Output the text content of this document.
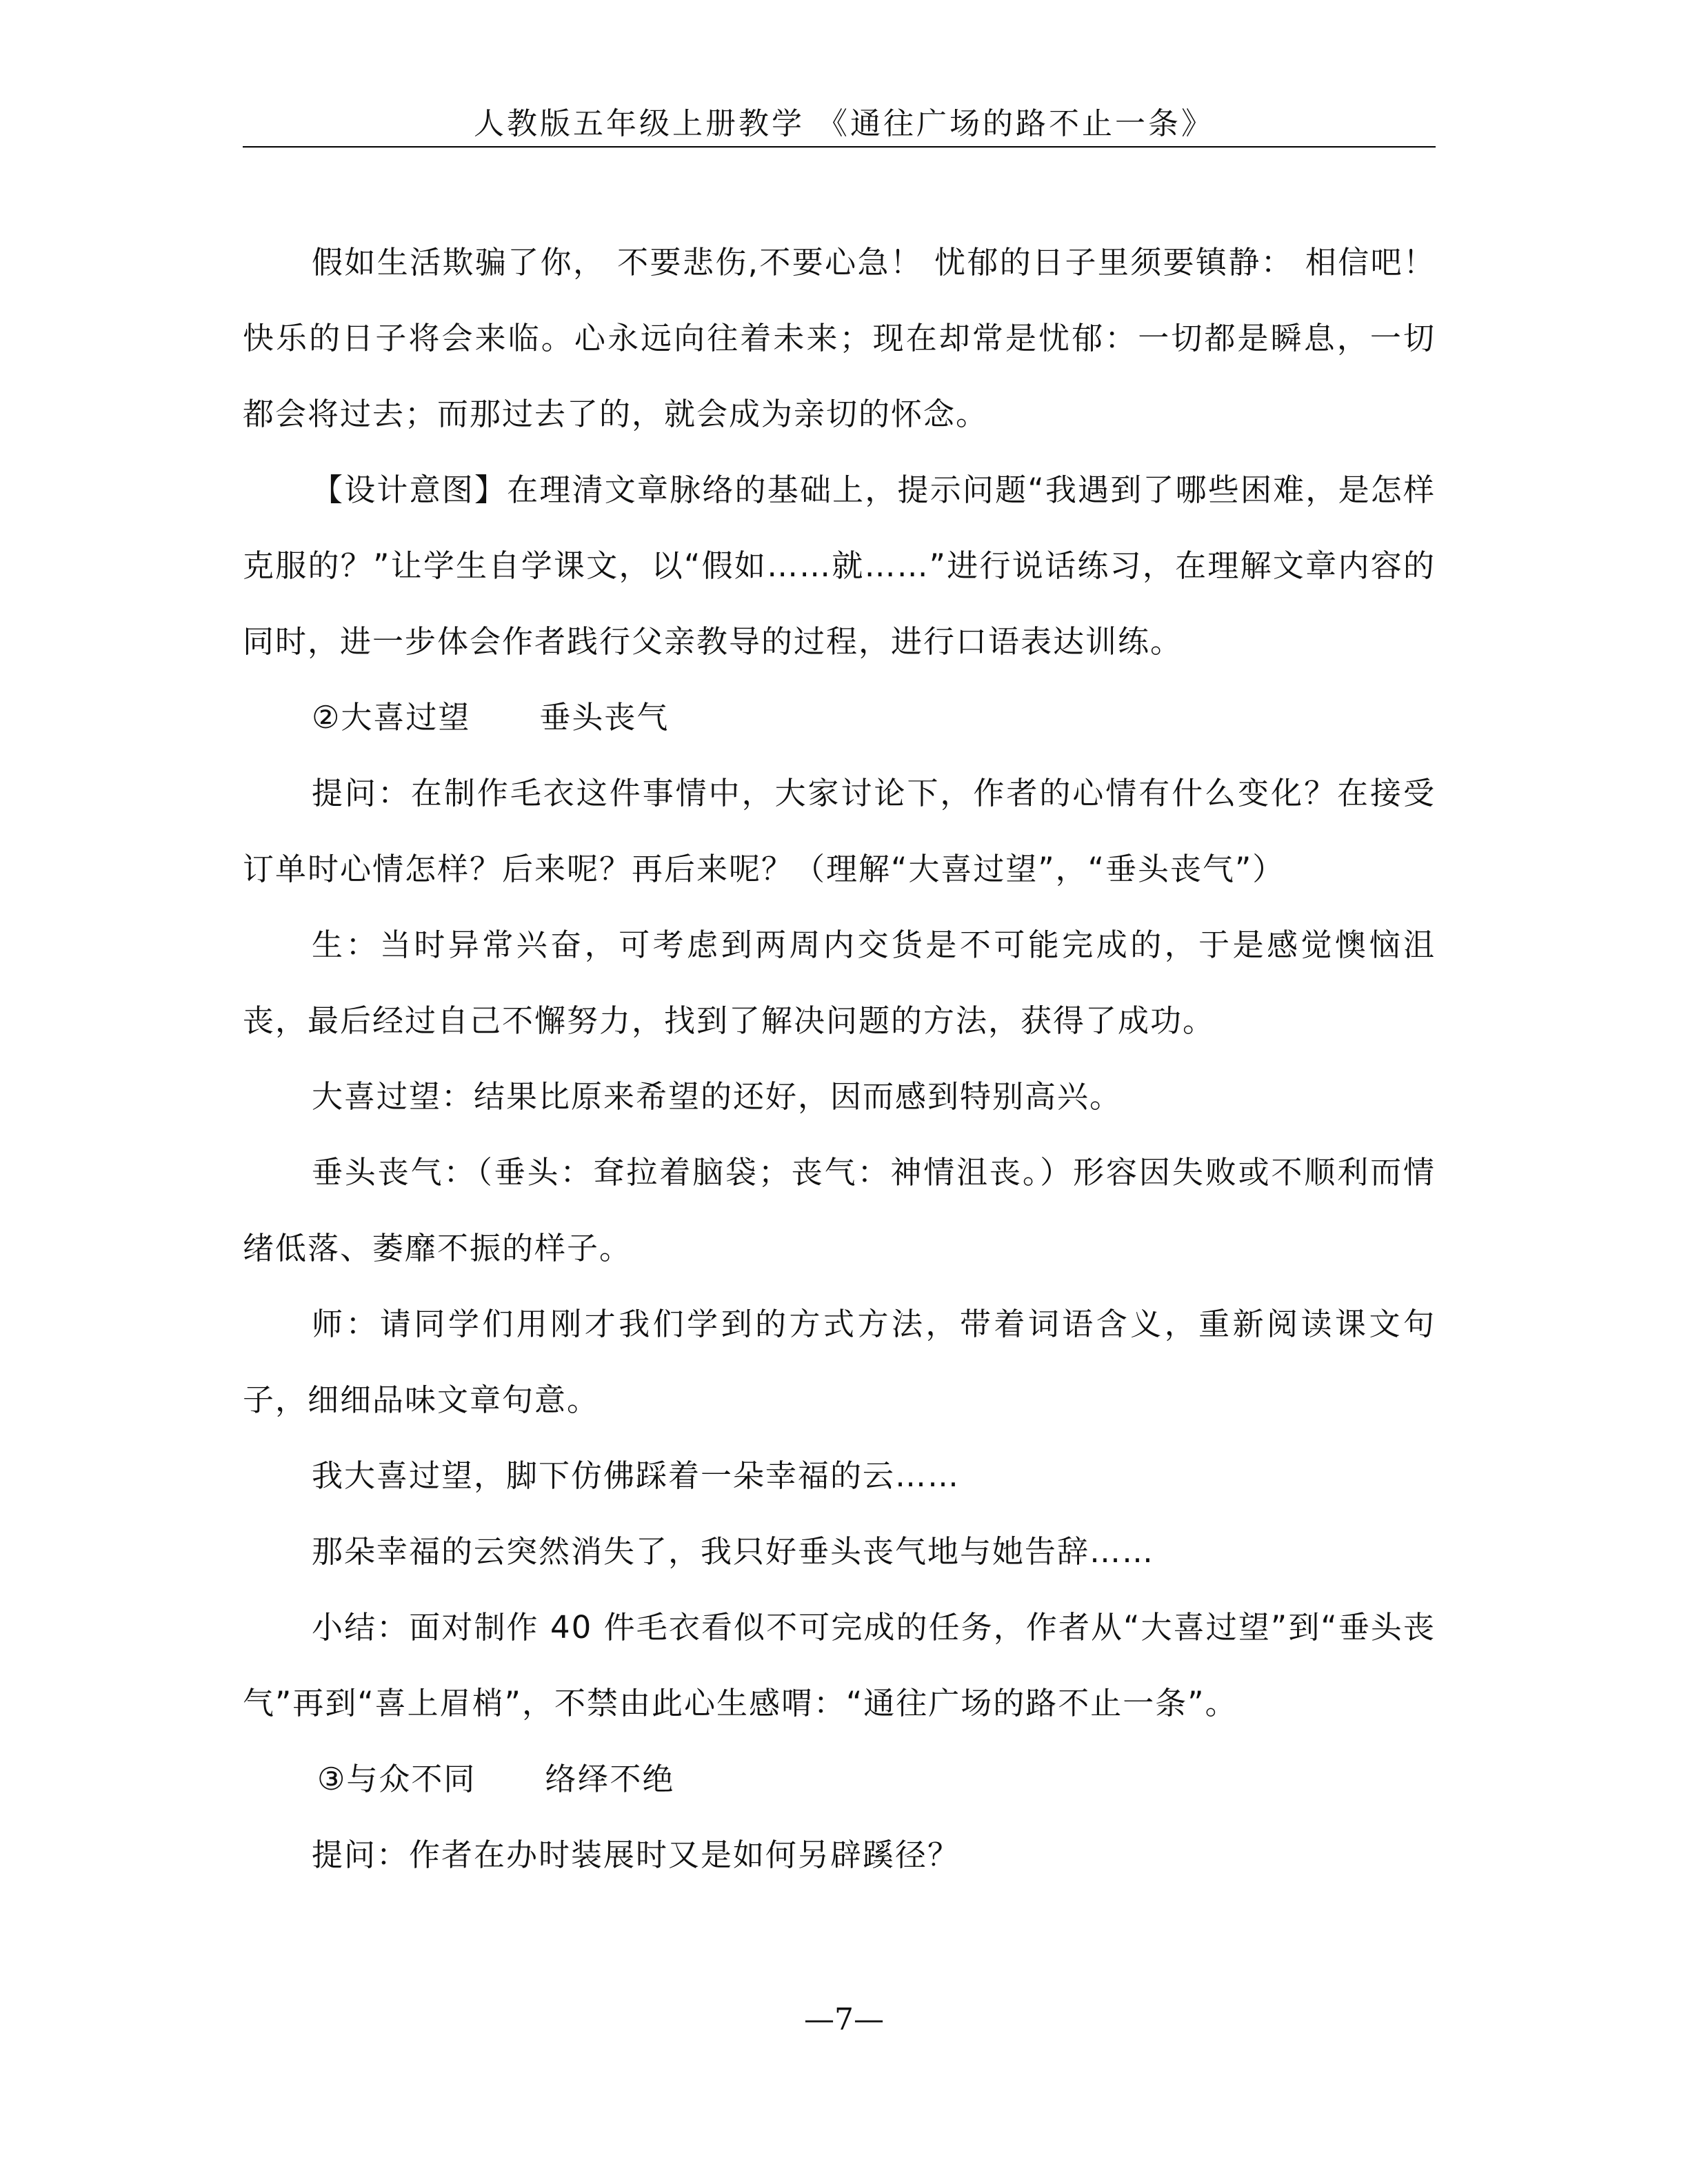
人教版五年级上册教学 《通往广场的路不止一条》

假如生活欺骗了你， 不要悲伤,不要心急！ 忧郁的日子里须要镇静： 相信吧！快乐的日子将会来临。心永远向往着未来；现在却常是忧郁：一切都是瞬息，一切都会将过去；而那过去了的，就会成为亲切的怀念。

【设计意图】在理清文章脉络的基础上，提示问题“我遇到了哪些困难，是怎样克服的？”让学生自学课文，以“假如……就……”进行说话练习，在理解文章内容的同时，进一步体会作者践行父亲教导的过程，进行口语表达训练。

②大喜过望 垂头丧气

提问：在制作毛衣这件事情中，大家讨论下，作者的心情有什么变化？在接受订单时心情怎样？后来呢？再后来呢？（理解“大喜过望”，“垂头丧气”）

生：当时异常兴奋，可考虑到两周内交货是不可能完成的，于是感觉懊恼沮丧，最后经过自己不懈努力，找到了解决问题的方法，获得了成功。

大喜过望：结果比原来希望的还好，因而感到特别高兴。

垂头丧气：（垂头：耷拉着脑袋；丧气：神情沮丧。）形容因失败或不顺利而情绪低落、萎靡不振的样子。

师：请同学们用刚才我们学到的方式方法，带着词语含义，重新阅读课文句子，细细品味文章句意。

我大喜过望，脚下仿佛踩着一朵幸福的云……

那朵幸福的云突然消失了，我只好垂头丧气地与她告辞……

小结：面对制作 40 件毛衣看似不可完成的任务，作者从“大喜过望”到“垂头丧气”再到“喜上眉梢”，不禁由此心生感喟：“通往广场的路不止一条”。

③与众不同 络绎不绝

提问：作者在办时装展时又是如何另辟蹊径？

—7—
